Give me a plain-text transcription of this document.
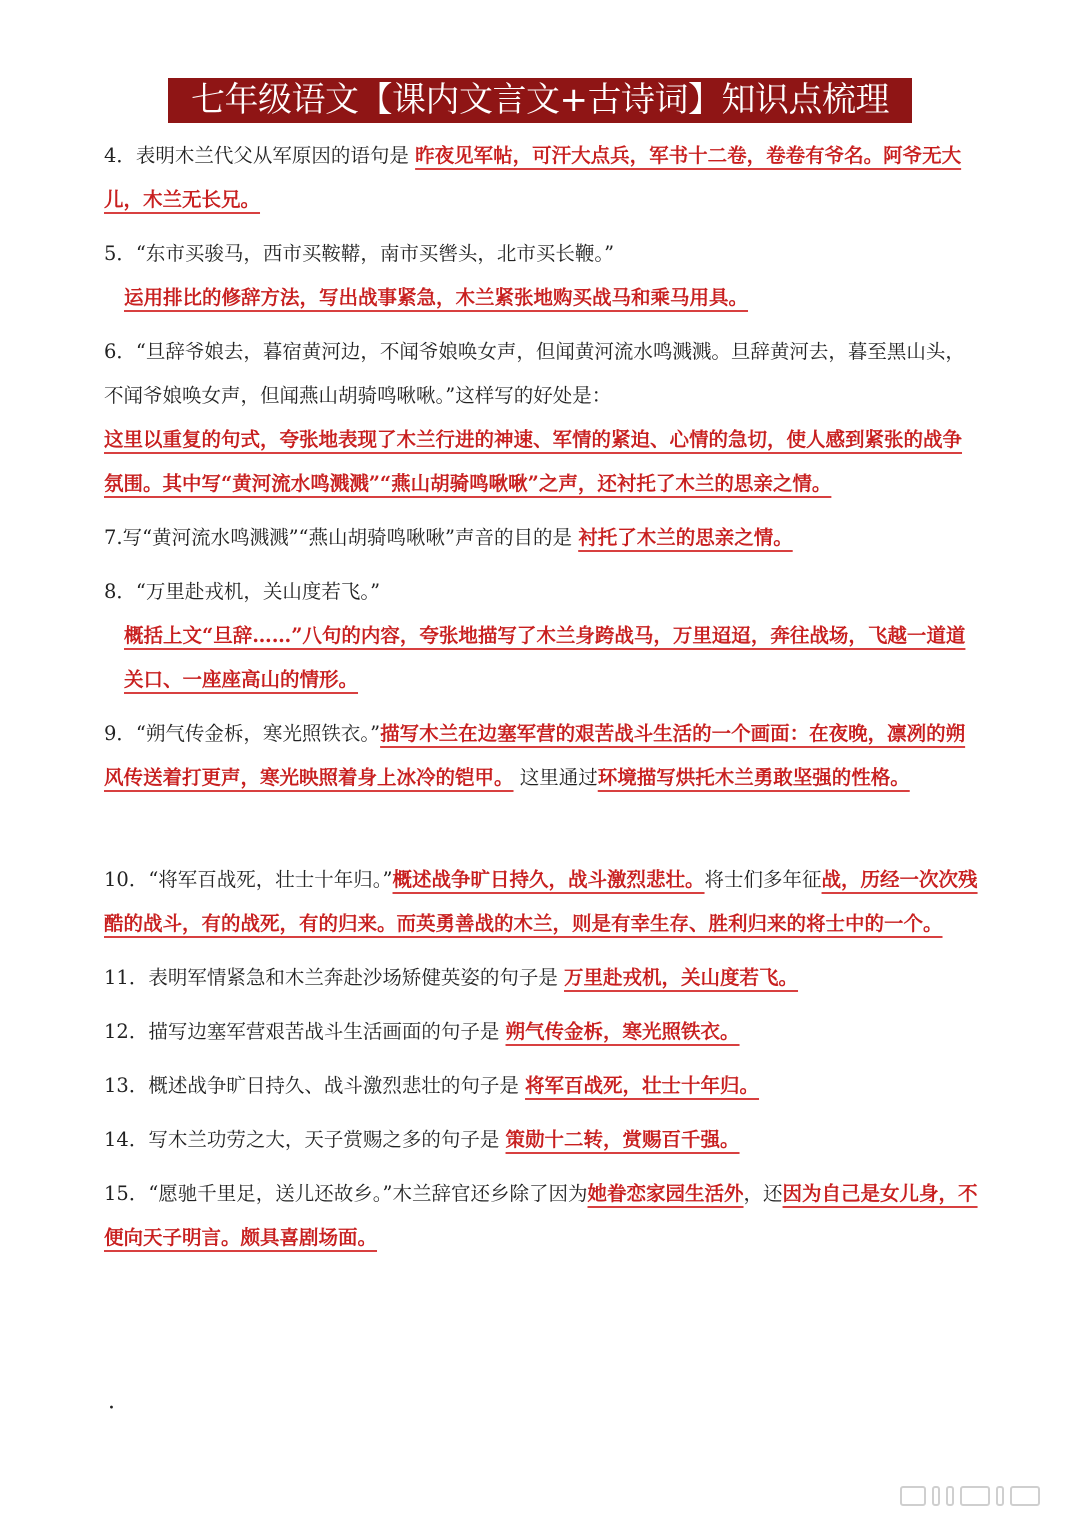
七年级语文【课内文言文+古诗词】知识点梳理
4．表明木兰代父从军原因的语句是 昨夜见军帖，可汗大点兵，军书十二卷，卷卷有爷名。阿爷无大儿，木兰无长兄。
5．“东市买骏马，西市买鞍鞯，南市买辔头，北市买长鞭。”
运用排比的修辞方法，写出战事紧急，木兰紧张地购买战马和乘马用具。
6．“旦辞爷娘去，暮宿黄河边，不闻爷娘唤女声，但闻黄河流水鸣溅溅。旦辞黄河去，暮至黑山头，不闻爷娘唤女声，但闻燕山胡骑鸣啾啾。”这样写的好处是：
这里以重复的句式，夸张地表现了木兰行进的神速、军情的紧迫、心情的急切，使人感到紧张的战争氛围。其中写“黄河流水鸣溅溅”“燕山胡骑鸣啾啾”之声，还衬托了木兰的思亲之情。
7.写“黄河流水鸣溅溅”“燕山胡骑鸣啾啾”声音的目的是 衬托了木兰的思亲之情。
8．“万里赴戎机，关山度若飞。”
概括上文“旦辞……”八句的内容，夸张地描写了木兰身跨战马，万里迢迢，奔往战场，飞越一道道关口、一座座高山的情形。
9．“朔气传金柝，寒光照铁衣。”描写木兰在边塞军营的艰苦战斗生活的一个画面：在夜晚，凛冽的朔风传送着打更声，寒光映照着身上冰冷的铠甲。 这里通过环境描写烘托木兰勇敢坚强的性格。
10．“将军百战死，壮士十年归。”概述战争旷日持久，战斗激烈悲壮。将士们多年征战，历经一次次残酷的战斗，有的战死，有的归来。而英勇善战的木兰，则是有幸生存、胜利归来的将士中的一个。
11．表明军情紧急和木兰奔赴沙场矫健英姿的句子是 万里赴戎机，关山度若飞。
12．描写边塞军营艰苦战斗生活画面的句子是 朔气传金柝，寒光照铁衣。
13．概述战争旷日持久、战斗激烈悲壮的句子是 将军百战死，壮士十年归。
14．写木兰功劳之大，天子赏赐之多的句子是 策勋十二转，赏赐百千强。
15．“愿驰千里足，送儿还故乡。”木兰辞官还乡除了因为她眷恋家园生活外，还因为自己是女儿身，不便向天子明言。颇具喜剧场面。
·
